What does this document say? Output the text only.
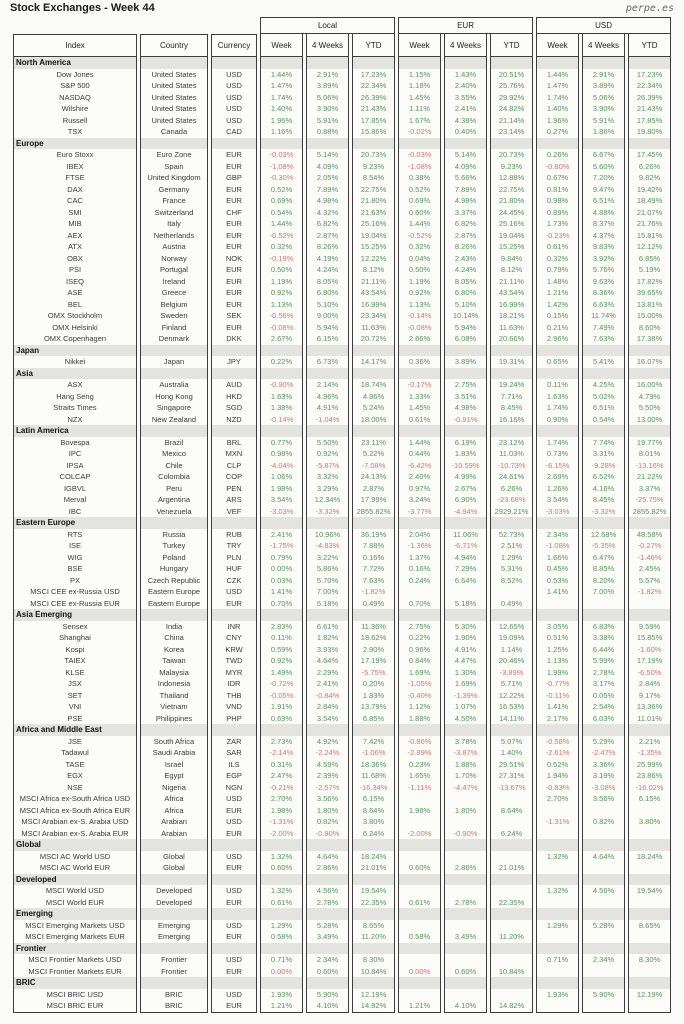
Stock Exchanges - Week 44	perpe.es
			Local			EUR			USD		
Index	Country	Currency	Week	4 Weeks	YTD	Week	4 Weeks	YTD	Week	4 Weeks	YTD
North America											
Dow Jones	United States	USD	1.44%	2.91%	17.23%	1.15%	1.43%	20.51%	1.44%	2.91%	17.23%
S&P 500	United States	USD	1.47%	3.89%	22.34%	1.18%	2.40%	25.76%	1.47%	3.89%	22.34%
NASDAQ	United States	USD	1.74%	5.06%	26.39%	1.45%	3.55%	29.92%	1.74%	5.06%	26.39%
Wilshire	United States	USD	1.40%	3.90%	21.43%	1.11%	2.41%	24.82%	1.40%	3.90%	21.43%
Russell	United States	USD	1.96%	5.91%	17.85%	1.67%	4.38%	21.14%	1.96%	5.91%	17.85%
TSX	Canada	CAD	1.16%	0.88%	15.86%	-0.02%	0.40%	23.14%	0.27%	1.86%	19.80%
Europe											
Euro Stoxx	Euro Zone	EUR	-0.03%	5.14%	20.73%	-0.03%	5.14%	20.73%	0.26%	6.67%	17.45%
IBEX	Spain	EUR	-1.08%	4.09%	9.23%	-1.08%	4.09%	9.23%	-0.80%	5.60%	6.26%
FTSE	United Kingdom	GBP	-0.30%	2.05%	8.54%	0.38%	5.66%	12.88%	0.67%	7.20%	9.82%
DAX	Germany	EUR	0.52%	7.89%	22.75%	0.52%	7.89%	22.75%	0.81%	9.47%	19.42%
CAC	France	EUR	0.69%	4.98%	21.80%	0.69%	4.98%	21.80%	0.98%	6.51%	18.49%
SMI	Switzerland	CHF	0.54%	4.32%	21.63%	0.60%	3.37%	24.45%	0.89%	4.88%	21.07%
MIB	Italy	EUR	1.44%	6.82%	25.16%	1.44%	6.82%	25.16%	1.73%	8.37%	21.76%
AEX	Netherlands	EUR	-0.52%	2.87%	19.04%	-0.52%	2.87%	19.04%	-0.23%	4.37%	15.81%
ATX	Austria	EUR	0.32%	8.26%	15.25%	0.32%	8.26%	15.25%	0.61%	9.83%	12.12%
OBX	Norway	NOK	-0.19%	4.19%	12.22%	0.04%	2.43%	9.84%	0.32%	3.92%	6.85%
PSI	Portugal	EUR	0.50%	4.24%	8.12%	0.50%	4.24%	8.12%	0.79%	5.76%	5.19%
ISEQ	Ireland	EUR	1.19%	8.05%	21.11%	1.19%	8.05%	21.11%	1.48%	9.63%	17.82%
ASE	Greece	EUR	0.92%	6.80%	43.54%	0.92%	6.80%	43.54%	1.21%	8.36%	39.65%
BEL	Belgium	EUR	1.13%	5.10%	16.99%	1.13%	5.10%	16.99%	1.42%	6.63%	13.81%
OMX Stockholm	Sweden	SEK	-0.56%	9.00%	23.34%	-0.14%	10.14%	18.21%	0.15%	11.74%	15.00%
OMX Helsinki	Finland	EUR	-0.08%	5.94%	11.63%	-0.08%	5.94%	11.63%	0.21%	7.49%	8.60%
OMX Copenhagen	Denmark	DKK	2.67%	6.15%	20.72%	2.66%	6.08%	20.66%	2.96%	7.63%	17.38%
Japan											
Nikkei	Japan	JPY	0.22%	6.73%	14.17%	0.36%	3.89%	19.31%	0.65%	5.41%	16.07%
Asia											
ASX	Australia	AUD	-0.90%	2.14%	18.74%	-0.17%	2.75%	19.24%	0.11%	4.25%	16.00%
Hang Seng	Hong Kong	HKD	1.63%	4.96%	4.86%	1.33%	3.51%	7.71%	1.63%	5.02%	4.79%
Straits Times	Singapore	SGD	1.38%	4.91%	5.24%	1.45%	4.98%	8.45%	1.74%	6.51%	5.50%
NZX	New Zealand	NZD	-0.14%	-1.04%	18.00%	0.61%	-0.91%	16.16%	0.90%	0.54%	13.00%
Latin America											
Bovespa	Brazil	BRL	0.77%	5.50%	23.11%	1.44%	6.19%	23.12%	1.74%	7.74%	19.77%
IPC	Mexico	MXN	0.98%	0.92%	5.22%	0.44%	1.83%	11.03%	0.73%	3.31%	8.01%
IPSA	Chile	CLP	-4.04%	-5.87%	-7.08%	-6.42%	-10.59%	-10.73%	-6.15%	-9.28%	-13.16%
COLCAP	Colombia	COP	1.06%	3.32%	24.13%	2.40%	4.99%	24.61%	2.69%	6.52%	21.22%
IGBVL	Peru	PEN	1.98%	3.29%	2.87%	0.97%	2.67%	6.26%	1.26%	4.16%	3.37%
Merval	Argentina	ARS	3.54%	12.34%	17.99%	3.24%	6.90%	-23.68%	3.54%	8.45%	-25.75%
IBC	Venezuela	VEF	-3.03%	-3.32%	2855.82%	-3.77%	-4.94%	2929.21%	-3.03%	-3.32%	2855.82%
Eastern Europe											
RTS	Russia	RUB	2.41%	10.96%	36.19%	2.04%	11.06%	52.73%	2.34%	12.68%	48.58%
ISE	Turkey	TRY	-1.75%	-4.83%	7.88%	-1.36%	-6.71%	2.51%	-1.08%	-5.35%	-0.27%
WIG	Poland	PLN	0.79%	3.22%	0.16%	1.37%	4.94%	1.29%	1.66%	6.47%	-1.46%
BSE	Hungary	HUF	0.00%	5.86%	7.72%	0.16%	7.29%	5.31%	0.45%	8.85%	2.45%
PX	Czech Republic	CZK	0.03%	5.70%	7.63%	0.24%	6.64%	8.52%	0.53%	8.20%	5.57%
MSCI CEE ex-Russia USD	Eastern Europe	USD	1.41%	7.00%	-1.82%				1.41%	7.00%	-1.82%
MSCI CEE ex-Russia EUR	Eastern Europe	EUR	0.70%	5.18%	0.49%	0.70%	5.18%	0.49%			
Asia Emerging											
Sensex	India	INR	2.83%	6.61%	11.36%	2.75%	5.30%	12.65%	3.05%	6.83%	9.59%
Shanghai	China	CNY	0.11%	1.82%	18.62%	0.22%	1.90%	19.09%	0.51%	3.38%	15.85%
Kospi	Korea	KRW	0.59%	3.93%	2.90%	0.96%	4.91%	1.14%	1.25%	6.44%	-1.60%
TAIEX	Taiwan	TWD	0.92%	4.64%	17.19%	0.84%	4.47%	20.46%	1.13%	5.99%	17.19%
KLSE	Malaysia	MYR	1.49%	2.29%	-5.75%	1.69%	1.30%	-3.89%	1.99%	2.78%	-6.50%
JSX	Indonesia	IDR	-0.72%	2.41%	0.20%	-1.05%	1.69%	5.71%	-0.77%	3.17%	2.84%
SET	Thailand	THB	-0.05%	-0.84%	1.83%	-0.40%	-1.39%	12.22%	-0.11%	0.05%	9.17%
VNI	Vietnam	VND	1.91%	2.84%	13.79%	1.12%	1.07%	16.53%	1.41%	2.54%	13.36%
PSE	Philippines	PHP	0.69%	3.54%	6.85%	1.88%	4.50%	14.11%	2.17%	6.03%	11.01%
Africa and Middle East											
JSE	South Africa	ZAR	2.73%	4.92%	7.42%	-0.86%	3.78%	5.07%	-0.58%	5.29%	2.21%
Tadawul	Saudi Arabia	SAR	-2.14%	-2.24%	-1.06%	-2.89%	-3.87%	1.40%	-2.61%	-2.47%	-1.35%
TASE	Israel	ILS	0.31%	4.59%	18.36%	0.23%	1.88%	29.51%	0.52%	3.36%	25.99%
EGX	Egypt	EGP	2.47%	2.39%	11.68%	1.65%	1.70%	27.31%	1.94%	3.19%	23.86%
NSE	Nigeria	NGN	-0.21%	-2.57%	-16.34%	-1.11%	-4.47%	-13.67%	-0.83%	-3.08%	-16.02%
MSCI Africa ex-South Africa USD	Africa	USD	2.70%	3.56%	6.15%				2.70%	3.56%	6.15%
MSCI Africa ex-South Africa EUR	Africa	EUR	1.98%	1.80%	8.64%	1.98%	1.80%	8.64%			
MSCI Arabian ex-S. Arabia USD	Arabian	USD	-1.31%	0.82%	3.80%				-1.31%	0.82%	3.80%
MSCI Arabian ex-S. Arabia EUR	Arabian	EUR	-2.00%	-0.90%	6.24%	-2.00%	-0.90%	6.24%			
Global											
MSCI AC World USD	Global	USD	1.32%	4.64%	18.24%				1.32%	4.64%	18.24%
MSCI AC World EUR	Global	EUR	0.60%	2.86%	21.01%	0.60%	2.86%	21.01%			
Developed											
MSCI World USD	Developed	USD	1.32%	4.56%	19.54%				1.32%	4.56%	19.54%
MSCI World EUR	Developed	EUR	0.61%	2.78%	22.35%	0.61%	2.78%	22.35%			
Emerging											
MSCI Emerging Markets USD	Emerging	USD	1.29%	5.28%	8.65%				1.29%	5.28%	8.65%
MSCI Emerging Markets EUR	Emerging	EUR	0.58%	3.49%	11.20%	0.58%	3.49%	11.20%			
Frontier											
MSCI Frontier Markets USD	Frontier	USD	0.71%	2.34%	8.30%				0.71%	2.34%	8.30%
MSCI Frontier Markets EUR	Frontier	EUR	0.00%	0.60%	10.84%	0.00%	0.60%	10.84%			
BRIC											
MSCI BRIC USD	BRIC	USD	1.93%	5.90%	12.19%				1.93%	5.90%	12.19%
MSCI BRIC EUR	BRIC	EUR	1.21%	4.10%	14.82%	1.21%	4.10%	14.82%			
